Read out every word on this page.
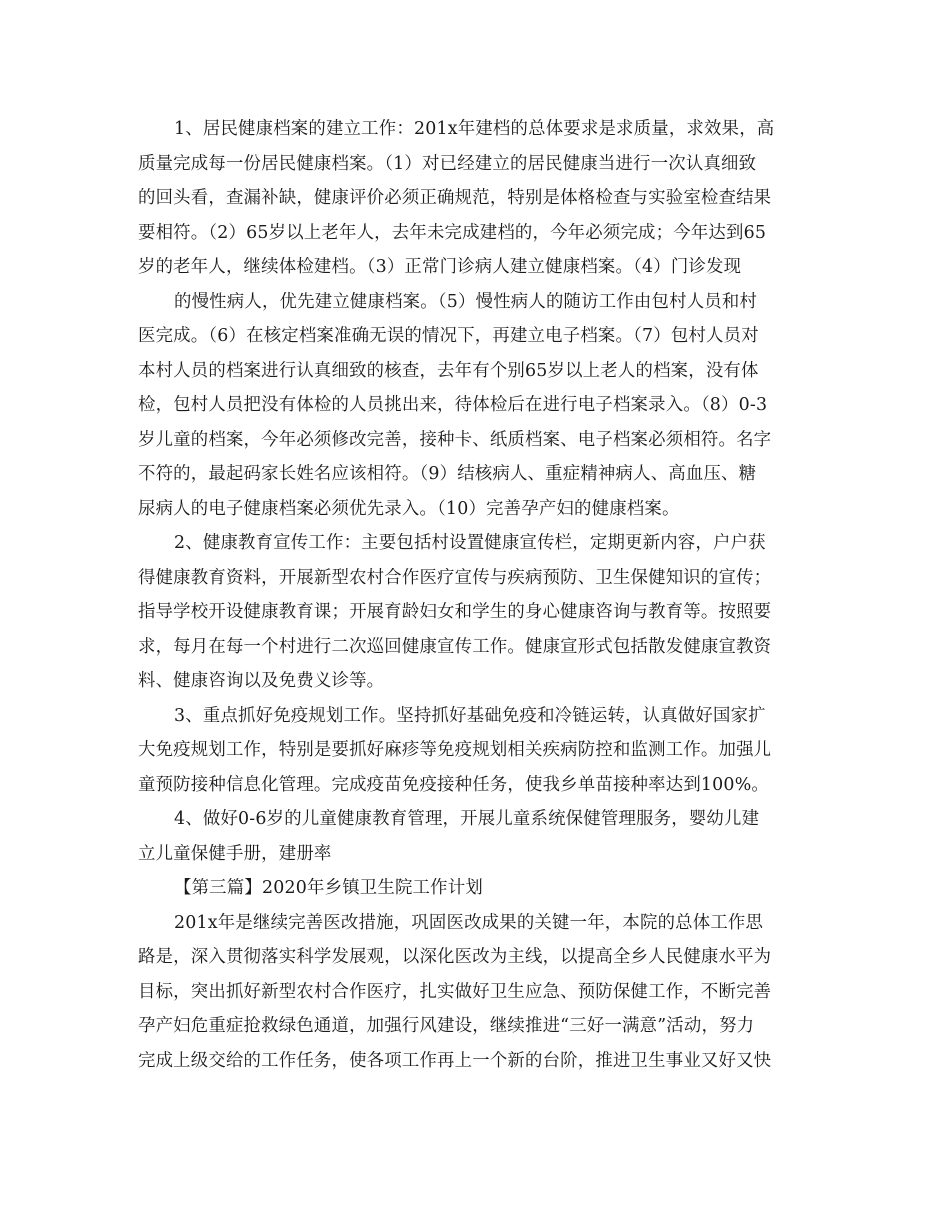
1、居民健康档案的建立工作：201x年建档的总体要求是求质量，求效果，高
质量完成每一份居民健康档案。（1）对已经建立的居民健康当进行一次认真细致
的回头看，查漏补缺，健康评价必须正确规范，特别是体格检查与实验室检查结果
要相符。（2）65岁以上老年人，去年未完成建档的，今年必须完成；今年达到65
岁的老年人，继续体检建档。（3）正常门诊病人建立健康档案。（4）门诊发现
的慢性病人，优先建立健康档案。（5）慢性病人的随访工作由包村人员和村
医完成。（6）在核定档案准确无误的情况下，再建立电子档案。（7）包村人员对
本村人员的档案进行认真细致的核查，去年有个别65岁以上老人的档案，没有体
检，包村人员把没有体检的人员挑出来，待体检后在进行电子档案录入。（8）0-3
岁儿童的档案，今年必须修改完善，接种卡、纸质档案、电子档案必须相符。名字
不符的，最起码家长姓名应该相符。（9）结核病人、重症精神病人、高血压、糖
尿病人的电子健康档案必须优先录入。（10）完善孕产妇的健康档案。
2、健康教育宣传工作：主要包括村设置健康宣传栏，定期更新内容，户户获
得健康教育资料，开展新型农村合作医疗宣传与疾病预防、卫生保健知识的宣传；
指导学校开设健康教育课；开展育龄妇女和学生的身心健康咨询与教育等。按照要
求，每月在每一个村进行二次巡回健康宣传工作。健康宣形式包括散发健康宣教资
料、健康咨询以及免费义诊等。
3、重点抓好免疫规划工作。坚持抓好基础免疫和冷链运转，认真做好国家扩
大免疫规划工作，特别是要抓好麻疹等免疫规划相关疾病防控和监测工作。加强儿
童预防接种信息化管理。完成疫苗免疫接种任务，使我乡单苗接种率达到100%。
4、做好0-6岁的儿童健康教育管理，开展儿童系统保健管理服务，婴幼儿建
立儿童保健手册，建册率
【第三篇】2020年乡镇卫生院工作计划
201x年是继续完善医改措施，巩固医改成果的关键一年，本院的总体工作思
路是，深入贯彻落实科学发展观，以深化医改为主线，以提高全乡人民健康水平为
目标，突出抓好新型农村合作医疗，扎实做好卫生应急、预防保健工作，不断完善
孕产妇危重症抢救绿色通道，加强行风建设，继续推进“三好一满意”活动，努力
完成上级交给的工作任务，使各项工作再上一个新的台阶，推进卫生事业又好又快
